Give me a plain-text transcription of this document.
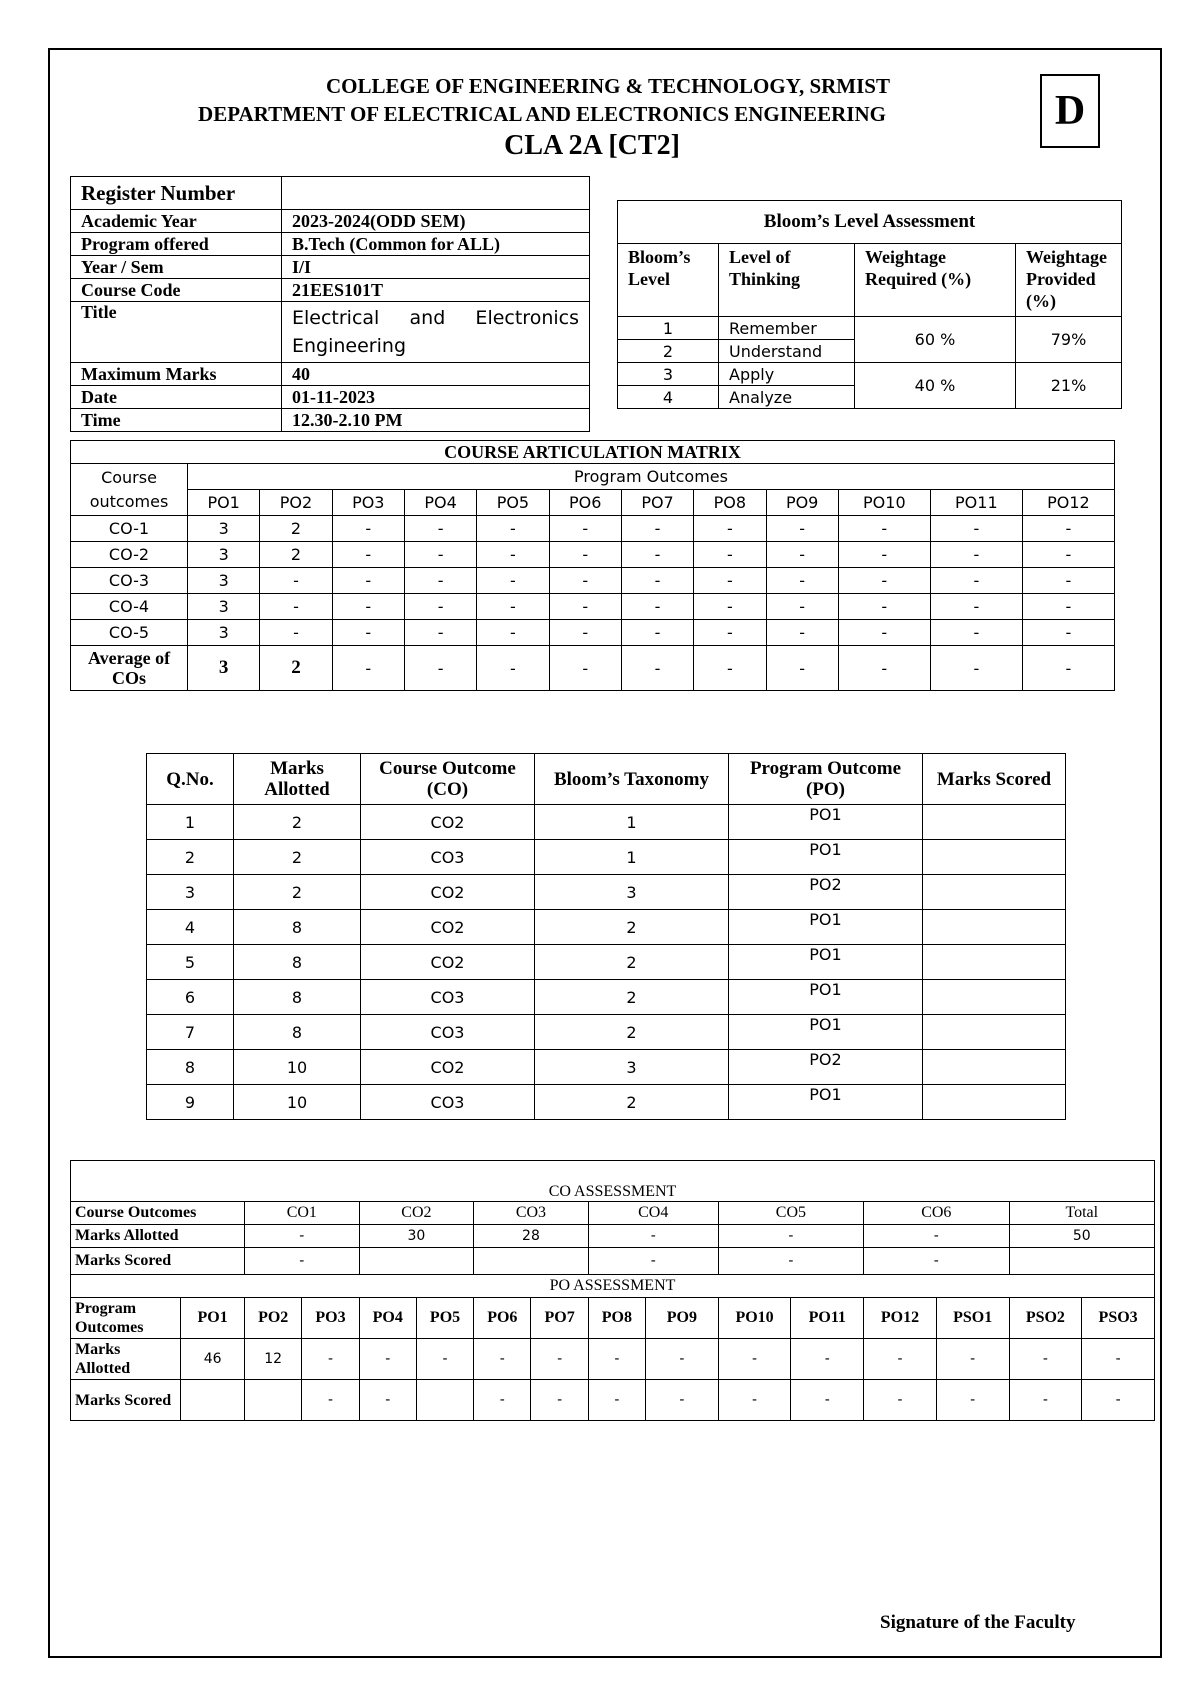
COLLEGE OF ENGINEERING & TECHNOLOGY, SRMIST
DEPARTMENT OF ELECTRICAL AND ELECTRONICS ENGINEERING
CLA 2A [CT2]
D
Register Number	
Academic Year	2023-2024(ODD SEM)
Program offered	B.Tech (Common for ALL)
Year / Sem	I/I
Course Code	21EES101T
Title	Electrical and Electronics
Engineering

Maximum Marks	40
Date	01-11-2023
Time	12.30-2.10 PM
Bloom’s Level Assessment			
Bloom’s Level	Level of Thinking	Weightage Required (%)	Weightage Provided (%)
1	Remember	60 %	79%
2	Understand		
3	Apply	40 %	21%
4	Analyze		
COURSE ARTICULATION MATRIX												
Course outcomes	Program Outcomes											
	PO1	PO2	PO3	PO4	PO5	PO6	PO7	PO8	PO9	PO10	PO11	PO12
CO-1	3	2	-	-	-	-	-	-	-	-	-	-
CO-2	3	2	-	-	-	-	-	-	-	-	-	-
CO-3	3	-	-	-	-	-	-	-	-	-	-	-
CO-4	3	-	-	-	-	-	-	-	-	-	-	-
CO-5	3	-	-	-	-	-	-	-	-	-	-	-
Average of COs	3	2	-	-	-	-	-	-	-	-	-	-
Q.No.	Marks Allotted	Course Outcome (CO)	Bloom’s Taxonomy	Program Outcome (PO)	Marks Scored
1	2	CO2	1	PO1	
2	2	CO3	1	PO1	
3	2	CO2	3	PO2	
4	8	CO2	2	PO1	
5	8	CO2	2	PO1	
6	8	CO3	2	PO1	
7	8	CO3	2	PO1	
8	10	CO2	3	PO2	
9	10	CO3	2	PO1	
CO ASSESSMENT															
Course Outcomes		CO1		CO2		CO3		CO4		CO5		CO6		Total	
Marks Allotted		-		30		28		-		-		-		50	
Marks Scored		-						-		-		-			
PO ASSESSMENT															
Program Outcomes	PO1	PO2	PO3	PO4	PO5	PO6	PO7	PO8	PO9	PO10	PO11	PO12	PSO1	PSO2	PSO3
Marks Allotted	46	12	-	-	-	-	-	-	-	-	-	-	-	-	-
Marks Scored			-	-		-	-	-	-	-	-	-	-	-	-
Signature of the Faculty
